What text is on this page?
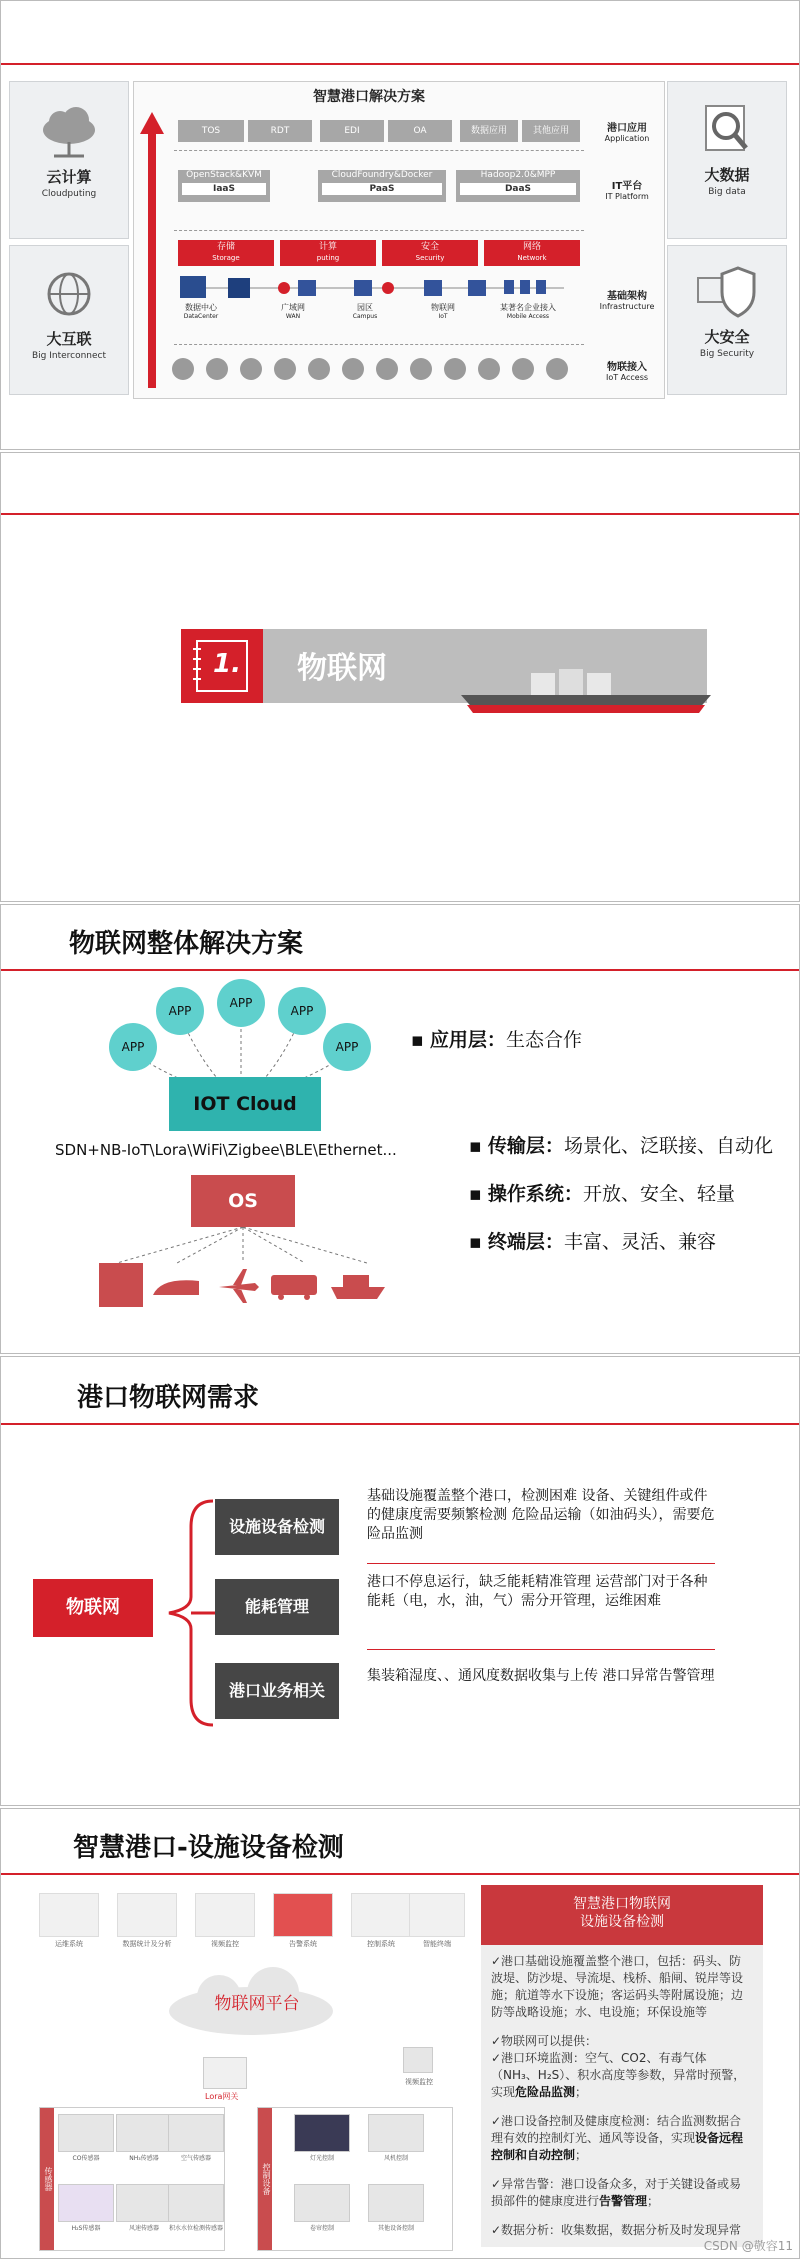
云计算
Cloudputing
大互联
Big Interconnect
大数据
Big data
大安全
Big Security
智慧港口解决方案
TOS	RDT	EDI	OA	数据应用	其他应用	港口应用
Application
OpenStack&KVM
IaaS
CloudFoundry&Docker
PaaS
Hadoop2.0&MPP
DaaS	IT平台
IT Platform
存储
Storage
计算
puting
安全
Security
网络
Network
基础架构
Infrastructure
数据中心
DataCenter
广域网
WAN
园区
Campus
物联网
IoT
某著名企业接入
Mobile Access
物联接入
IoT Access
1. 物联网
物联网整体解决方案
APP
APP
APP
APP
APP
IOT Cloud
SDN+NB-IoT\Lora\WiFi\Zigbee\BLE\Ethernet...
OS
▪ 应用层：生态合作
▪ 传输层：场景化、泛联接、自动化
▪ 操作系统：开放、安全、轻量
▪ 终端层：丰富、灵活、兼容
港口物联网需求
物联网
设施设备检测
基础设施覆盖整个港口，检测困难 设备、关键组件或件的健康度需要频繁检测 危险品运输（如油码头），需要危险品监测
能耗管理
港口不停息运行，缺乏能耗精准管理 运营部门对于各种能耗（电，水，油，气）需分开管理，运维困难
港口业务相关
集装箱湿度、、通风度数据收集与上传 港口异常告警管理
智慧港口-设施设备检测
运维系统	数据统计及分析	视频监控	告警系统	控制系统	智能终端
物联网平台
Lora网关
视频监控
传感器
CO传感器	NH₃传感器	空气传感器
H₂S传感器	风速传感器	积水水位检测传感器
控制设备
灯光控制	风机控制
卷帘控制	其他设备控制
智慧港口物联网
设施设备检测

✓港口基础设施覆盖整个港口，包括：码头、防波堤、防沙堤、导流堤、栈桥、船闸、锐岸等设施；航道等水下设施；客运码头等附属设施；边防等战略设施；水、电设施；环保设施等

✓物联网可以提供：
✓港口环境监测：空气、CO2、有毒气体（NH₃、H₂S）、积水高度等参数，异常时预警，实现危险品监测；

✓港口设备控制及健康度检测：结合监测数据合理有效的控制灯光、通风等设备，实现设备远程控制和自动控制；

✓异常告警：港口设备众多，对于关键设备或易损部件的健康度进行告警管理；

✓数据分析：收集数据，数据分析及时发现异常

CSDN @敬容11
